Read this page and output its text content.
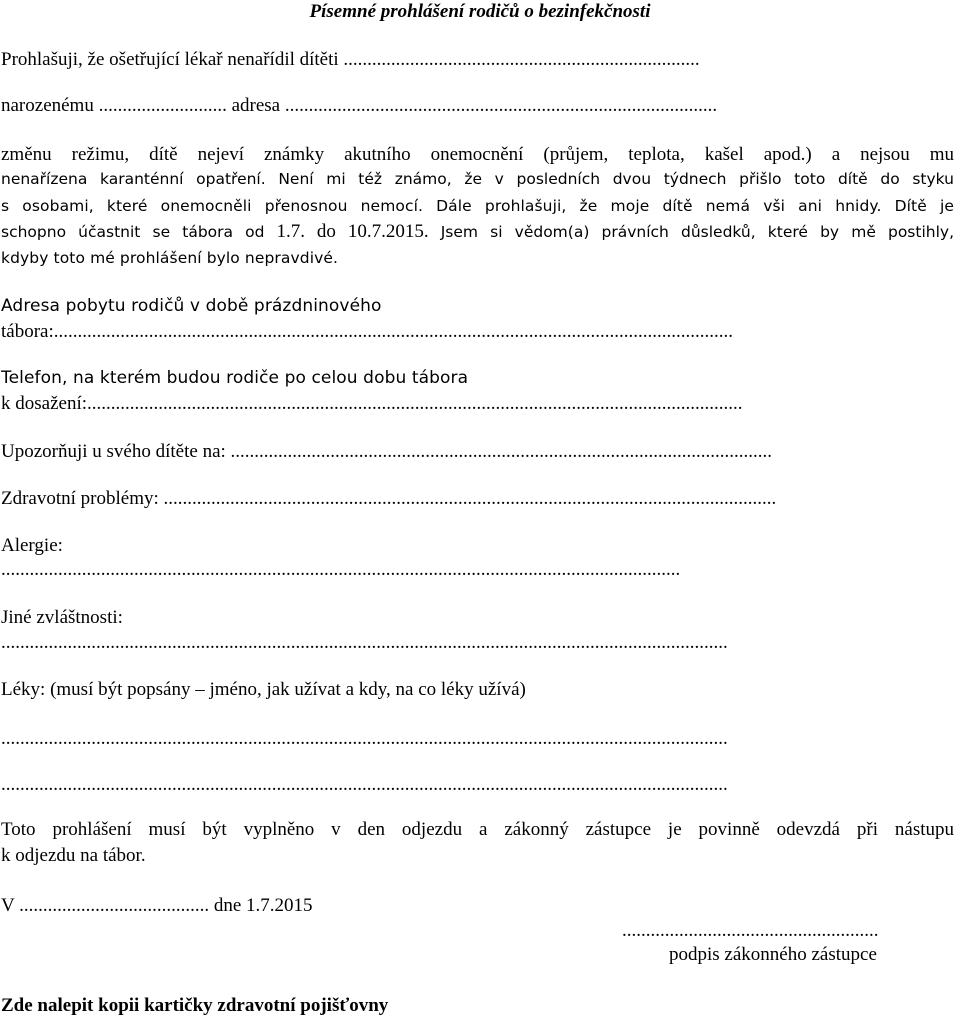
Písemné prohlášení rodičů o bezinfekčnosti
Prohlašuji, že ošetřující lékař nenařídil dítěti ...........................................................................
narozenému ........................... adresa ...........................................................................................
změnu režimu, dítě nejeví známky akutního onemocnění (průjem, teplota, kašel apod.) a nejsou mu
nenařízena karanténní opatření. Není mi též známo, že v posledních dvou týdnech přišlo toto dítě do styku
s osobami, které onemocněli přenosnou nemocí. Dále prohlašuji, že moje dítě nemá vši ani hnidy. Dítě je
schopno účastnit se tábora od 1.7. do 10.7.2015. Jsem si vědom(a) právních důsledků, které by mě postihly,
kdyby toto mé prohlášení bylo nepravdivé.
Adresa pobytu rodičů v době prázdninového
tábora:...............................................................................................................................................
Telefon, na kterém budou rodiče po celou dobu tábora
k dosažení:..........................................................................................................................................
Upozorňuji u svého dítěte na: ..................................................................................................................
Zdravotní problémy: .................................................................................................................................
Alergie:
...............................................................................................................................................
Jiné zvláštnosti:
.........................................................................................................................................................
Léky: (musí být popsány – jméno, jak užívat a kdy, na co léky užívá)
.........................................................................................................................................................
.........................................................................................................................................................
Toto prohlášení musí být vyplněno v den odjezdu a zákonný zástupce je povinně odevzdá při nástupu
k odjezdu na tábor.
V ........................................ dne 1.7.2015
......................................................
podpis zákonného zástupce
Zde nalepit kopii kartičky zdravotní pojišťovny
